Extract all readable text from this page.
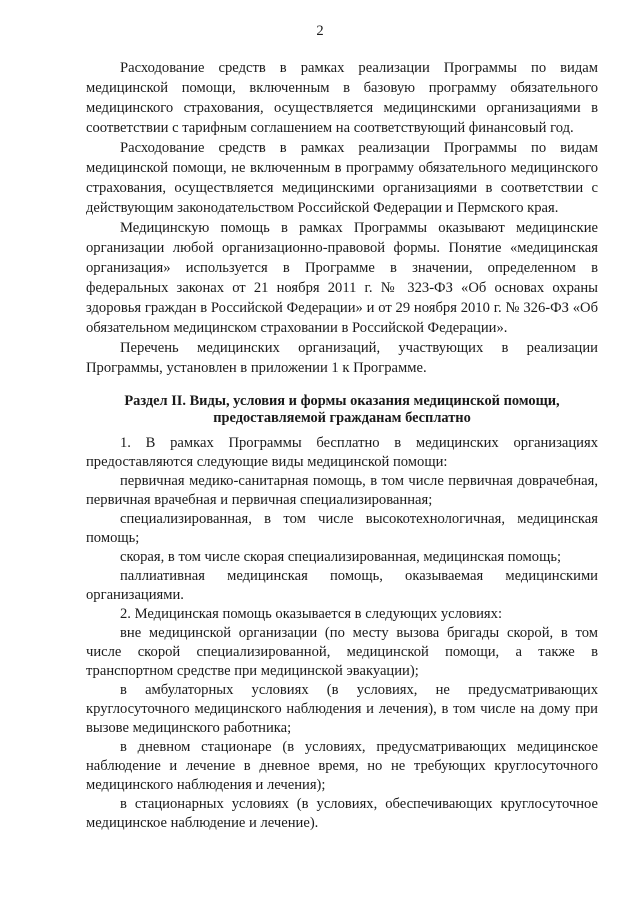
2

Расходование средств в рамках реализации Программы по видам медицинской помощи, включенным в базовую программу обязательного медицинского страхования, осуществляется медицинскими организациями в соответствии с тарифным соглашением на соответствующий финансовый год.

Расходование средств в рамках реализации Программы по видам медицинской помощи, не включенным в программу обязательного медицинского страхования, осуществляется медицинскими организациями в соответствии с действующим законодательством Российской Федерации и Пермского края.

Медицинскую помощь в рамках Программы оказывают медицинские организации любой организационно-правовой формы. Понятие «медицинская организация» используется в Программе в значении, определенном в федеральных законах от 21 ноября 2011 г. № 323-ФЗ «Об основах охраны здоровья граждан в Российской Федерации» и от 29 ноября 2010 г. № 326-ФЗ «Об обязательном медицинском страховании в Российской Федерации».

Перечень медицинских организаций, участвующих в реализации Программы, установлен в приложении 1 к Программе.

Раздел II. Виды, условия и формы оказания медицинской помощи,
предоставляемой гражданам бесплатно

1. В рамках Программы бесплатно в медицинских организациях предоставляются следующие виды медицинской помощи:

первичная медико-санитарная помощь, в том числе первичная доврачебная, первичная врачебная и первичная специализированная;

специализированная, в том числе высокотехнологичная, медицинская помощь;

скорая, в том числе скорая специализированная, медицинская помощь;

паллиативная медицинская помощь, оказываемая медицинскими организациями.

2. Медицинская помощь оказывается в следующих условиях:

вне медицинской организации (по месту вызова бригады скорой, в том числе скорой специализированной, медицинской помощи, а также в транспортном средстве при медицинской эвакуации);

в амбулаторных условиях (в условиях, не предусматривающих круглосуточного медицинского наблюдения и лечения), в том числе на дому при вызове медицинского работника;

в дневном стационаре (в условиях, предусматривающих медицинское наблюдение и лечение в дневное время, но не требующих круглосуточного медицинского наблюдения и лечения);

в стационарных условиях (в условиях, обеспечивающих круглосуточное медицинское наблюдение и лечение).
